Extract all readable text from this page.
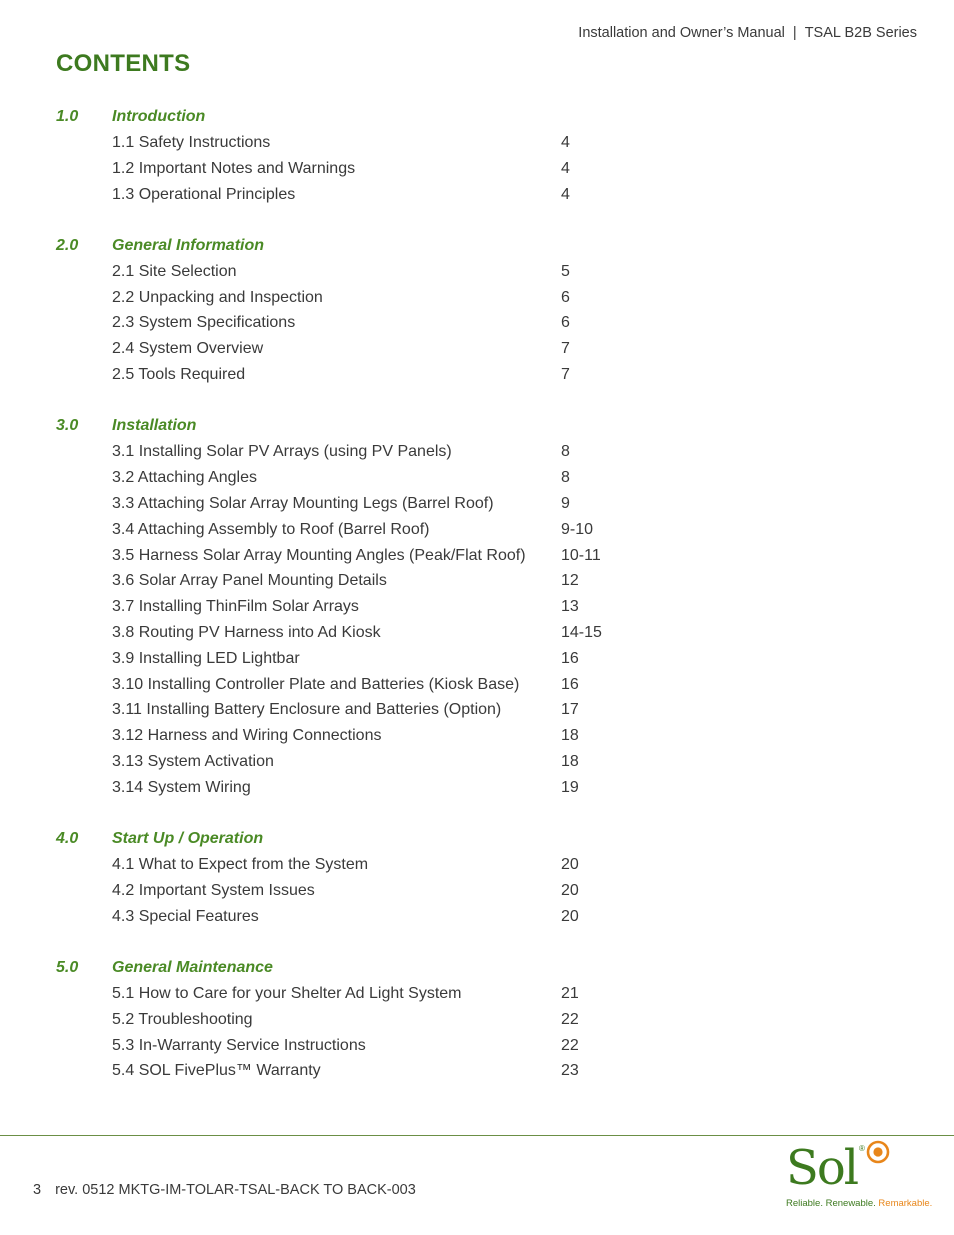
Installation and Owner’s Manual | TSAL B2B Series
CONTENTS
1.0 Introduction
1.1 Safety Instructions	4
1.2 Important Notes and Warnings	4
1.3 Operational Principles	4
2.0 General Information
2.1 Site Selection	5
2.2 Unpacking and Inspection	6
2.3 System Specifications	6
2.4 System Overview	7
2.5 Tools Required	7
3.0 Installation
3.1 Installing Solar PV Arrays (using PV Panels)	8
3.2 Attaching Angles	8
3.3 Attaching Solar Array Mounting Legs (Barrel Roof)	9
3.4 Attaching Assembly to Roof (Barrel Roof)	9-10
3.5 Harness Solar Array Mounting Angles (Peak/Flat Roof) 10-11
3.6 Solar Array Panel Mounting Details	12
3.7 Installing ThinFilm Solar Arrays	13
3.8 Routing PV Harness into Ad Kiosk	14-15
3.9 Installing LED Lightbar	16
3.10 Installing Controller Plate and Batteries (Kiosk Base)	16
3.11 Installing Battery Enclosure and Batteries (Option)	17
3.12 Harness and Wiring Connections	18
3.13 System Activation	18
3.14 System Wiring	19
4.0 Start Up / Operation
4.1 What to Expect from the System	20
4.2 Important System Issues	20
4.3 Special Features	20
5.0 General Maintenance
5.1 How to Care for your Shelter Ad Light System	21
5.2 Troubleshooting	22
5.3 In-Warranty Service Instructions	22
5.4 SOL FivePlus™ Warranty	23
3 rev. 0512 MKTG-IM-TOLAR-TSAL-BACK TO BACK-003	Sol ®
Reliable. Renewable. Remarkable.
